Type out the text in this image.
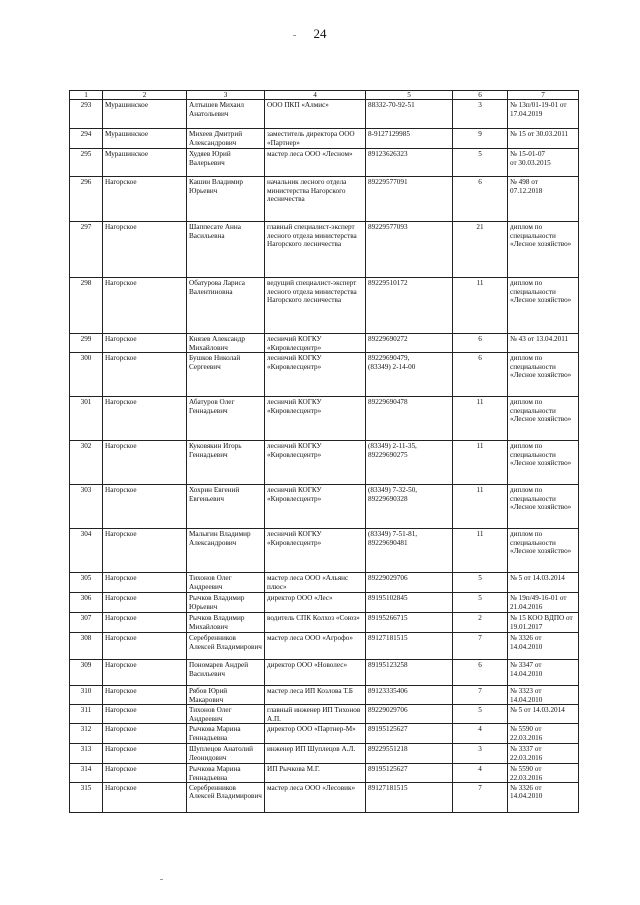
24
1	2	3	4	5	6	7
293	Мурашинское	Алтышев Михаил Анатольевич	ООО ПКП «Алмис»	88332-70-92-51	3	№ 13п/01-19-01 от 17.04.2019
294	Мурашинское	Михеев Дмитрий Александрович	заместитель директора ООО «Партнер»	8-9127129985	9	№ 15 от 30.03.2011
295	Мурашинское	Худяев Юрий Валерьевич	мастер леса ООО «Лесном»	89123626323	5	№ 15-01-07
от 30.03.2015
296	Нагорское	Кашин Владимир Юрьевич	начальник лесного отдела министерства Нагорского лесничества	89229577091	6	№ 498 от
07.12.2018
297	Нагорское	Шаппесате Анна Васильевна	главный специалист-эксперт лесного отдела министерства Нагорского лесничества	89229577093	21	диплом по
специальности
«Лесное хозяйство»
298	Нагорское	Обатурова Лариса Валентиновна	ведущий специалист-эксперт лесного отдела министерства Нагорского лесничества	89229510172	11	диплом по
специальности
«Лесное хозяйство»
299	Нагорское	Князев Александр Михайлович	лесничий КОГКУ «Кировлесцентр»	89229690272	6	№ 43 от 13.04.2011
300	Нагорское	Бушков Николай Сергеевич	лесничий КОГКУ «Кировлесцентр»	89229690479,
(83349) 2-14-00	6	диплом по
специальности
«Лесное хозяйство»
301	Нагорское	Абатуров Олег Геннадьевич	лесничий КОГКУ «Кировлесцентр»	89229690478	11	диплом по
специальности
«Лесное хозяйство»
302	Нагорское	Куковякин Игорь Геннадьевич	лесничий КОГКУ «Кировлесцентр»	(83349) 2-11-35,
89229690275	11	диплом по
специальности
«Лесное хозяйство»
303	Нагорское	Хохрин Евгений Евгеньевич	лесничий КОГКУ «Кировлесцентр»	(83349) 7-32-50,
89229690328	11	диплом по
специальности
«Лесное хозяйство»
304	Нагорское	Малыгин Владимир Александрович	лесничий КОГКУ «Кировлесцентр»	(83349) 7-51-81,
89229690481	11	диплом по
специальности
«Лесное хозяйство»
305	Нагорское	Тихонов Олег Андреевич	мастер леса ООО «Альянс плюс»	89229029706	5	№ 5 от 14.03.2014
306	Нагорское	Рычков Владимир Юрьевич	директор ООО «Лес»	89195102845	5	№ 19п/49-16-01 от
21.04.2016
307	Нагорское	Рычков Владимир Михайлович	водитель СПК Колхоз «Союз»	89195266715	2	№ 15 КОО ВДПО от
19.01.2017
308	Нагорское	Серебренников Алексей Владимирович	мастер леса ООО «Агрофо»	89127181515	7	№ 3326 от
14.04.2010
309	Нагорское	Пономарев Андрей Васильевич	директор ООО «Новолес»	89195123258	6	№ 3347 от
14.04.2010
310	Нагорское	Рябов Юрий Макарович	мастер леса ИП Козлова Т.Б	89123335406	7	№ 3323 от
14.04.2010
311	Нагорское	Тихонов Олег Андреевич	главный инженер ИП Тихонов А.П.	89229029706	5	№ 5 от 14.03.2014
312	Нагорское	Рычкова Марина Геннадьевна	директор ООО «Партнер-М»	89195125627	4	№ 5590 от
22.03.2016
313	Нагорское	Шуплецов Анатолий Леонидович	инженер ИП Шуплецов А.Л.	89229551218	3	№ 3337 от
22.03.2016
314	Нагорское	Рычкова Марина Геннадьевна	ИП Рычкова М.Г.	89195125627	4	№ 5590 от
22.03.2016
315	Нагорское	Серебренников Алексей Владимирович	мастер леса ООО «Лесовик»	89127181515	7	№ 3326 от
14.04.2010
